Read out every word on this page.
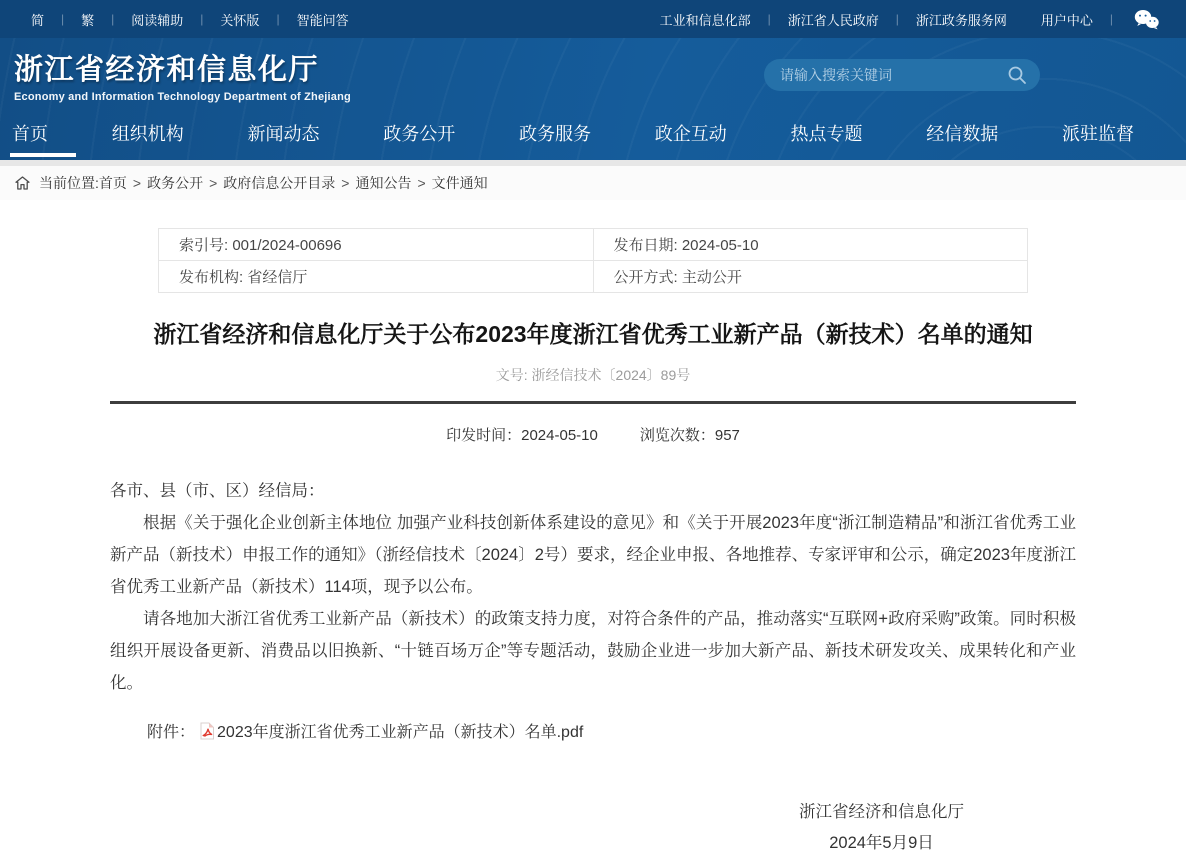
简	|	繁	|	阅读辅助	|	关怀版	|	智能问答	工业和信息化部	|	浙江省人民政府	|	浙江政务服务网	用户中心	|
浙江省经济和信息化厅
Economy and Information Technology Department of Zhejiang
请输入搜索关键词
首页	组织机构	新闻动态	政务公开	政务服务	政企互动	热点专题	经信数据	派驻监督
当前位置: 首页 > 政务公开 > 政府信息公开目录 > 通知公告 > 文件通知
索引号: 001/2024-00696	发布日期: 2024-05-10
发布机构: 省经信厅	公开方式: 主动公开
浙江省经济和信息化厅关于公布2023年度浙江省优秀工业新产品（新技术）名单的通知
文号: 浙经信技术〔2024〕89号
印发时间：2024-05-10	浏览次数：957

各市、县（市、区）经信局：

根据《关于强化企业创新主体地位 加强产业科技创新体系建设的意见》和《关于开展2023年度“浙江制造精品”和浙江省优秀工业新产品（新技术）申报工作的通知》（浙经信技术〔2024〕2号）要求，经企业申报、各地推荐、专家评审和公示，确定2023年度浙江省优秀工业新产品（新技术）114项，现予以公布。

请各地加大浙江省优秀工业新产品（新技术）的政策支持力度，对符合条件的产品，推动落实“互联网+政府采购”政策。同时积极组织开展设备更新、消费品以旧换新、“十链百场万企”等专题活动，鼓励企业进一步加大新产品、新技术研发攻关、成果转化和产业化。

附件： 2023年度浙江省优秀工业新产品（新技术）名单.pdf
浙江省经济和信息化厅
2024年5月9日
